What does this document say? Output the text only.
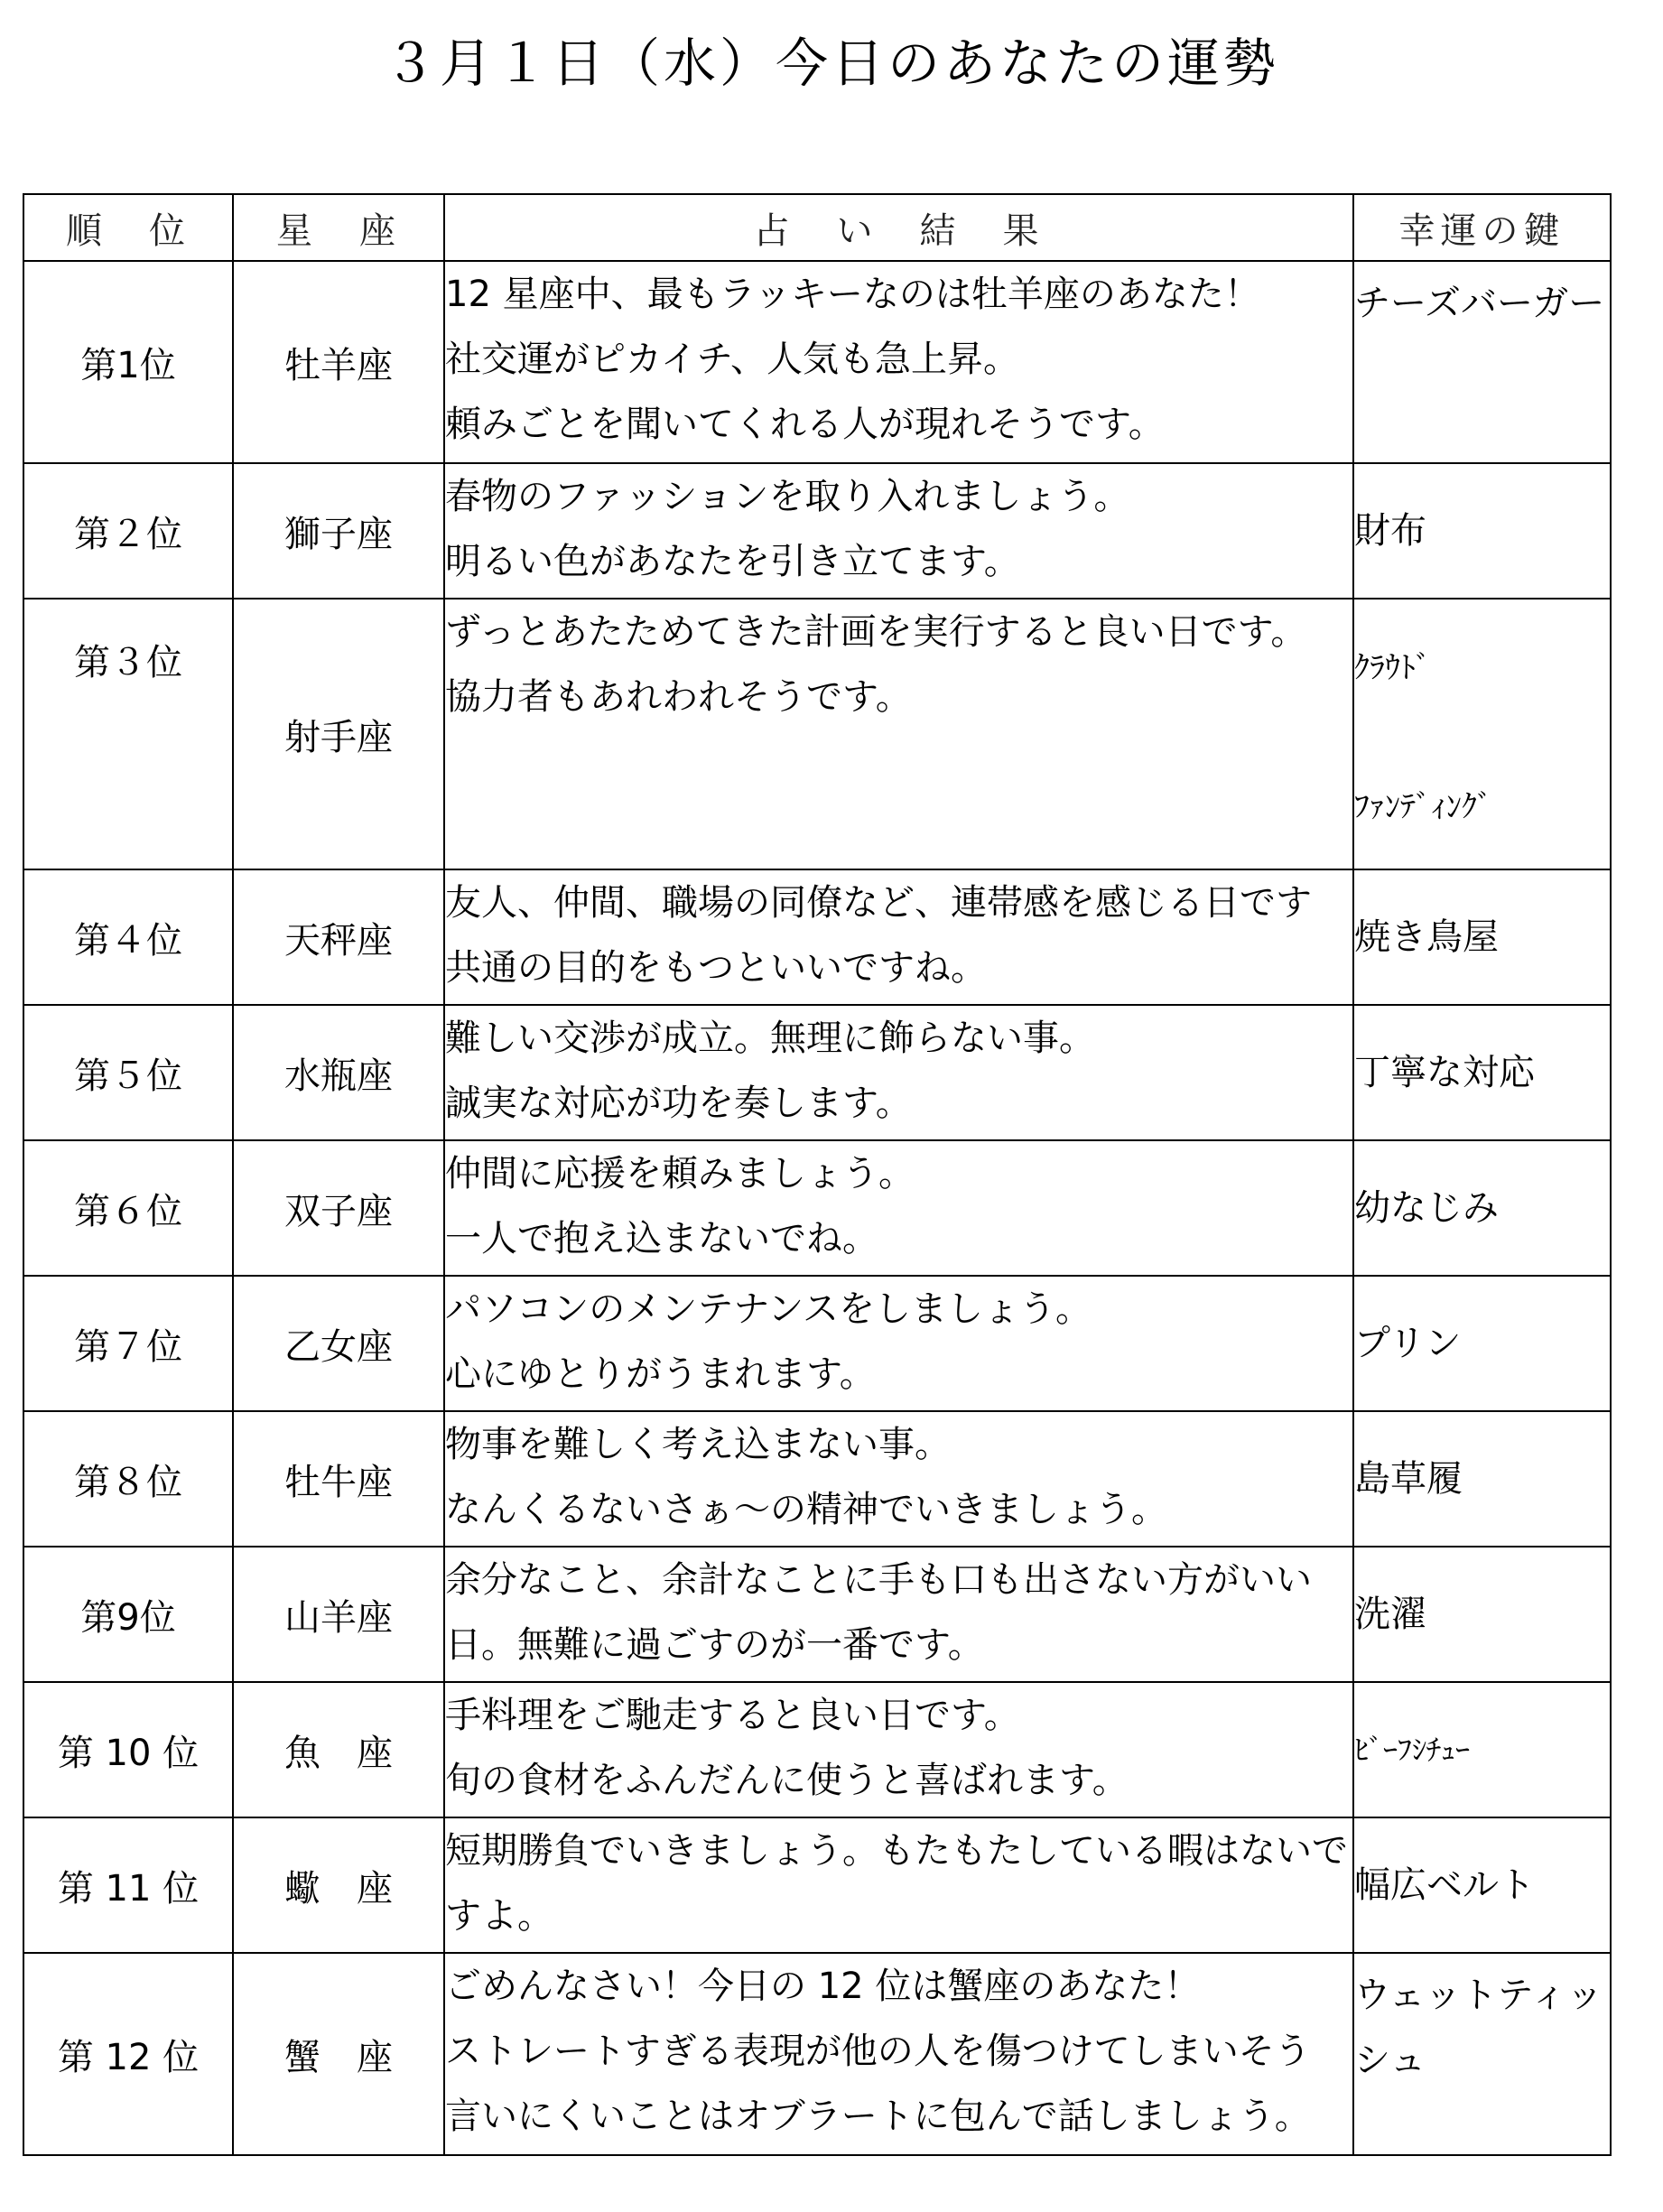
３月１日（水）今日のあなたの運勢
順　位	星　座	占　い　結　果	幸運の鍵
第1位	牡羊座	12 星座中、最もラッキーなのは牡羊座のあなた！
社交運がピカイチ、人気も急上昇。
頼みごとを聞いてくれる人が現れそうです。	チーズバーガー
第２位	獅子座	春物のファッションを取り入れましょう。
明るい色があなたを引き立てます。	財布
第３位	射手座	ずっとあたためてきた計画を実行すると良い日です。
協力者もあれわれそうです。	ｸﾗｳﾄﾞ
ﾌｧﾝﾃﾞｨﾝｸﾞ

第４位	天秤座	友人、仲間、職場の同僚など、連帯感を感じる日です
共通の目的をもつといいですね。	焼き鳥屋
第５位	水瓶座	難しい交渉が成立。無理に飾らない事。
誠実な対応が功を奏します。	丁寧な対応
第６位	双子座	仲間に応援を頼みましょう。
一人で抱え込まないでね。	幼なじみ
第７位	乙女座	パソコンのメンテナンスをしましょう。
心にゆとりがうまれます。	プリン
第８位	牡牛座	物事を難しく考え込まない事。
なんくるないさぁ～の精神でいきましょう。	島草履
第9位	山羊座	余分なこと、余計なことに手も口も出さない方がいい
日。無難に過ごすのが一番です。	洗濯
第 10 位	魚　座	手料理をご馳走すると良い日です。
旬の食材をふんだんに使うと喜ばれます。	ﾋﾞｰﾌｼﾁｭｰ
第 11 位	蠍　座	短期勝負でいきましょう。もたもたしている暇はないで
すよ。	幅広ベルト
第 12 位	蟹　座	ごめんなさい！今日の 12 位は蟹座のあなた！
ストレートすぎる表現が他の人を傷つけてしまいそう
言いにくいことはオブラートに包んで話しましょう。	ウェットティッシュ
